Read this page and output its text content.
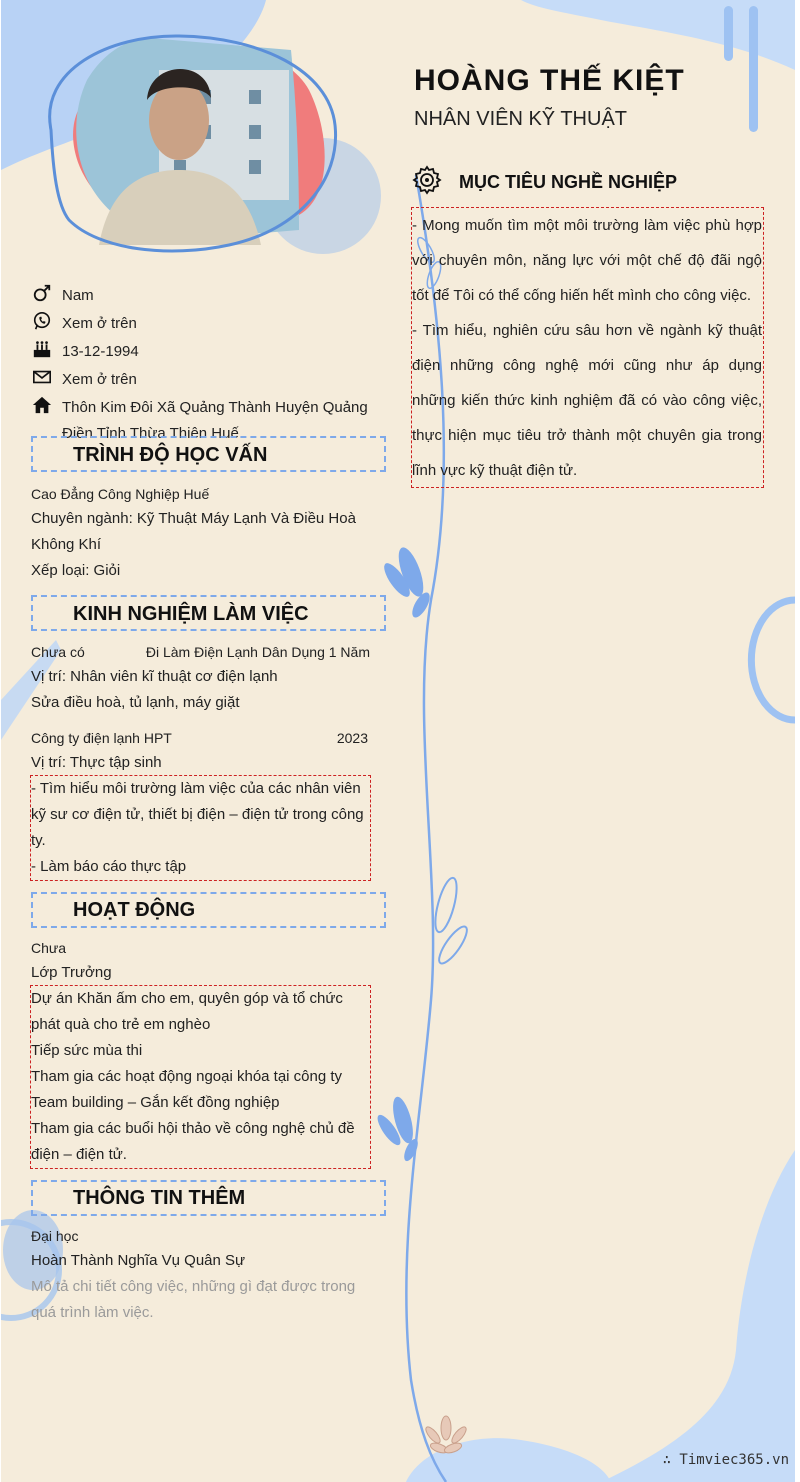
HOÀNG THẾ KIỆT
NHÂN VIÊN KỸ THUẬT
Nam
Xem ở trên
13-12-1994
Xem ở trên
Thôn Kim Đôi Xã Quảng Thành Huyện Quảng Điền Tỉnh Thừa Thiên Huế
TRÌNH ĐỘ HỌC VẤN
Cao Đẳng Công Nghiệp Huế
Chuyên ngành: Kỹ Thuật Máy Lạnh Và Điều Hoà Không Khí
Xếp loại: Giỏi
KINH NGHIỆM LÀM VIỆC
Chưa có	Đi Làm Điện Lạnh Dân Dụng 1 Năm
Vị trí: Nhân viên kĩ thuật cơ điện lạnh
Sửa điều hoà, tủ lạnh, máy giặt
Công ty điện lạnh HPT	2023
Vị trí: Thực tập sinh
- Tìm hiểu môi trường làm việc của các nhân viên kỹ sư cơ điện tử, thiết bị điện – điện tử trong công ty.
- Làm báo cáo thực tập
HOẠT ĐỘNG
Chưa
Lớp Trưởng
Dự án Khăn ấm cho em, quyên góp và tổ chức phát quà cho trẻ em nghèo
Tiếp sức mùa thi
Tham gia các hoạt động ngoại khóa tại công ty
Team building – Gắn kết đồng nghiệp
Tham gia các buổi hội thảo về công nghệ chủ đề điện – điện tử.
THÔNG TIN THÊM
Đại học
Hoàn Thành Nghĩa Vụ Quân Sự
Mô tả chi tiết công việc, những gì đạt được trong quá trình làm việc.
MỤC TIÊU NGHỀ NGHIỆP
- Mong muốn tìm một môi trường làm việc phù hợp với chuyên môn, năng lực với một chế độ đãi ngộ tốt để Tôi có thể cống hiến hết mình cho công việc.
- Tìm hiểu, nghiên cứu sâu hơn về ngành kỹ thuật điện những công nghệ mới cũng như áp dụng những kiến thức kinh nghiệm đã có vào công việc, thực hiện mục tiêu trở thành một chuyên gia trong lĩnh vực kỹ thuật điện tử.
∴ Timviec365.vn
